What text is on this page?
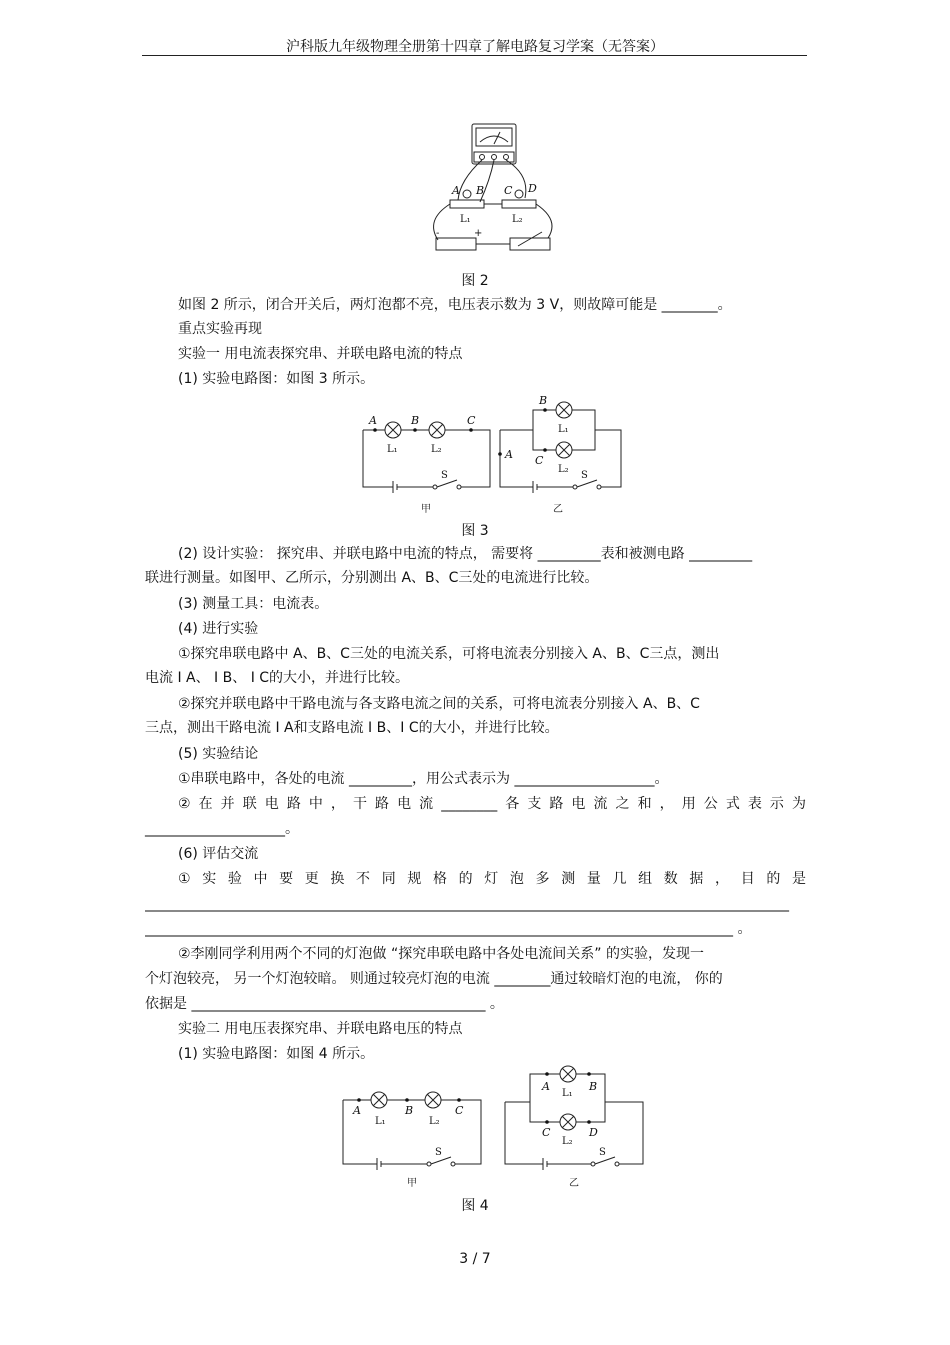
沪科版九年级物理全册第十四章了解电路复习学案（无答案）
A B C D
L₁	L₂
-	+
图 2
如图 2 所示，闭合开关后，两灯泡都不亮，电压表示数为 3 V，则故障可能是 ________。
重点实验再现
实验一 用电流表探究串、并联电路电流的特点
(1) 实验电路图：如图 3 所示。
A	B	C
A
B
C
L₁	L₂
S
L₁
L₂
S
甲	乙
图 3
(2) 设计实验： 探究串、并联电路中电流的特点， 需要将 _________表和被测电路 _________
联进行测量。如图甲、乙所示，分别测出 A、B、C三处的电流进行比较。
(3) 测量工具：电流表。
(4) 进行实验
①探究串联电路中 A、B、C三处的电流关系，可将电流表分别接入 A、B、C三点，测出
电流 I A、 I B、 I C的大小，并进行比较。
②探究并联电路中干路电流与各支路电流之间的关系，可将电流表分别接入 A、B、C
三点，测出干路电流 I A和支路电流 I B、I C的大小，并进行比较。
(5) 实验结论
①串联电路中，各处的电流 _________，用公式表示为 ____________________。
②在并联电路中，干路电流________各支路电流之和，用公式表示为
____________________。
(6) 评估交流
①实验中要更换不同规格的灯泡多测量几组数据，目的是
____________________________________________________________________________________________
____________________________________________________________________________________ 。
②李刚同学利用两个不同的灯泡做 “探究串联电路中各处电流间关系” 的实验，发现一
个灯泡较亮， 另一个灯泡较暗。 则通过较亮灯泡的电流 ________通过较暗灯泡的电流， 你的
依据是 __________________________________________ 。
实验二 用电压表探究串、并联电路电压的特点
(1) 实验电路图：如图 4 所示。
A	B	C
A	B
C	D
L₁	L₂
S
L₁
L₂
S
甲	乙
图 4
3 / 7
